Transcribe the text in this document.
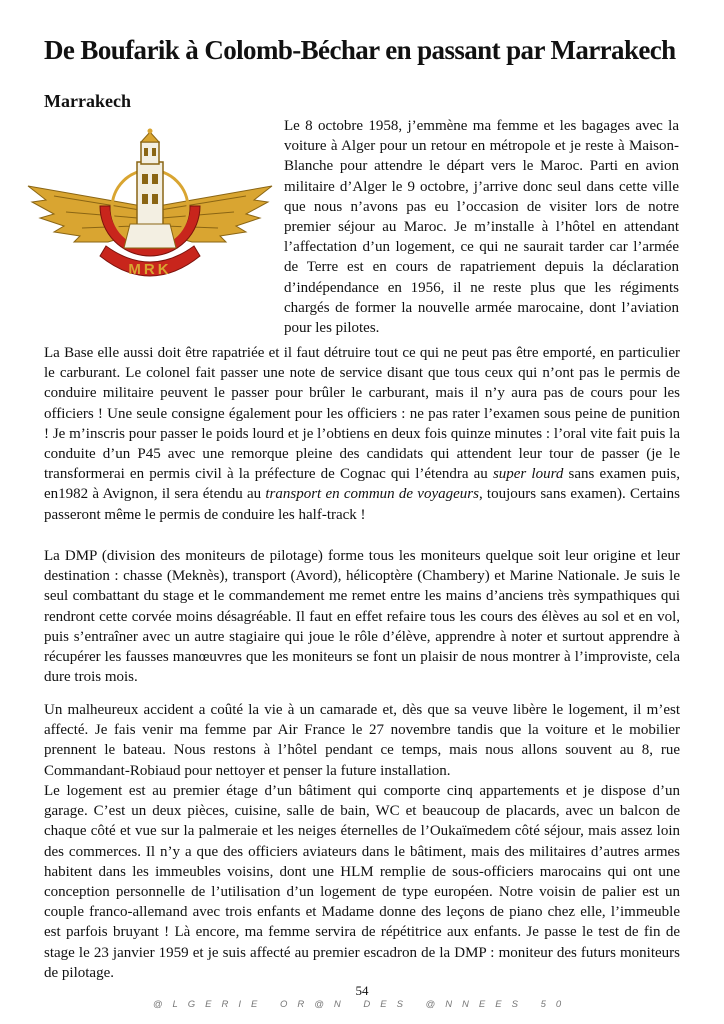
De Boufarik à Colomb-Béchar en passant par Marrakech
Marrakech
MRK

Le 8 octobre 1958, j’emmène ma femme et les bagages avec la voiture à Alger pour un retour en métropole et je reste à Maison-Blanche pour attendre le départ vers le Maroc. Parti en avion militaire d’Alger le 9 octobre, j’arrive donc seul dans cette ville que nous n’avons pas eu l’occasion de visiter lors de notre premier séjour au Maroc. Je m’installe à l’hôtel en attendant l’affectation d’un logement, ce qui ne saurait tarder car l’armée de Terre est en cours de rapatriement depuis la déclaration d’indépendance en 1956, il ne reste plus que les régiments chargés de former la nouvelle armée marocaine, dont l’aviation pour les pilotes.

La Base elle aussi doit être rapatriée et il faut détruire tout ce qui ne peut pas être emporté, en particulier le carburant. Le colonel fait passer une note de service disant que tous ceux qui n’ont pas le permis de conduire militaire peuvent le passer pour brûler le carburant, mais il n’y aura pas de cours pour les officiers ! Une seule consigne également pour les officiers : ne pas rater l’examen sous peine de punition ! Je m’inscris pour passer le poids lourd et je l’obtiens en deux fois quinze minutes : l’oral vite fait puis la conduite d’un P45 avec une remorque pleine des candidats qui attendent leur tour de passer (je le transformerai en permis civil à la préfecture de Cognac qui l’étendra au super lourd sans examen puis, en1982 à Avignon, il sera étendu au transport en commun de voyageurs, toujours sans examen). Certains passeront même le permis de conduire les half-track !

La DMP (division des moniteurs de pilotage) forme tous les moniteurs quelque soit leur origine et leur destination : chasse (Meknès), transport (Avord), hélicoptère (Chambery) et Marine Nationale. Je suis le seul combattant du stage et le commandement me remet entre les mains d’anciens très sympathiques qui rendront cette corvée moins désagréable. Il faut en effet refaire tous les cours des élèves au sol et en vol, puis s’entraîner avec un autre stagiaire qui joue le rôle d’élève, apprendre à noter et surtout apprendre à récupérer les fausses manœuvres que les moniteurs se font un plaisir de nous montrer à l’improviste, cela dure trois mois.

Un malheureux accident a coûté la vie à un camarade et, dès que sa veuve libère le logement, il m’est affecté. Je fais venir ma femme par Air France le 27 novembre tandis que la voiture et le mobilier prennent le bateau. Nous restons à l’hôtel pendant ce temps, mais nous allons souvent au 8, rue Commandant-Robiaud pour nettoyer et penser la future installation.

Le logement est au premier étage d’un bâtiment qui comporte cinq appartements et je dispose d’un garage. C’est un deux pièces, cuisine, salle de bain, WC et beaucoup de placards, avec un balcon de chaque côté et vue sur la palmeraie et les neiges éternelles de l’Oukaïmedem côté séjour, mais assez loin des commerces. Il n’y a que des officiers aviateurs dans le bâtiment, mais des militaires d’autres armes habitent dans les immeubles voisins, dont une HLM remplie de sous-officiers marocains qui ont une conception personnelle de l’utilisation d’un logement de type européen. Notre voisin de palier est un couple franco-allemand avec trois enfants et Madame donne des leçons de piano chez elle, l’immeuble est parfois bruyant ! Là encore, ma femme servira de répétitrice aux enfants. Je passe le test de fin de stage le 23 janvier 1959 et je suis affecté au premier escadron de la DMP : moniteur des futurs moniteurs de pilotage.

54
@LGERIE OR@N DES @NNEES 50
